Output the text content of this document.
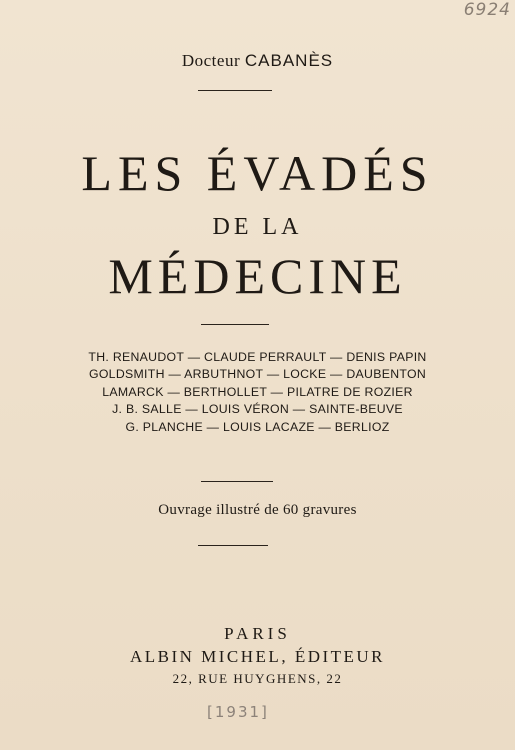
6924
Docteur CABANÈS
LES ÉVADÉS
DE LA
MÉDECINE
TH. RENAUDOT — CLAUDE PERRAULT — DENIS PAPIN
GOLDSMITH — ARBUTHNOT — LOCKE — DAUBENTON
LAMARCK — BERTHOLLET — PILATRE DE ROZIER
J. B. SALLE — LOUIS VÉRON — SAINTE-BEUVE
G. PLANCHE — LOUIS LACAZE — BERLIOZ
Ouvrage illustré de 60 gravures
PARIS
ALBIN MICHEL, ÉDITEUR
22, RUE HUYGHENS, 22
[1931]
